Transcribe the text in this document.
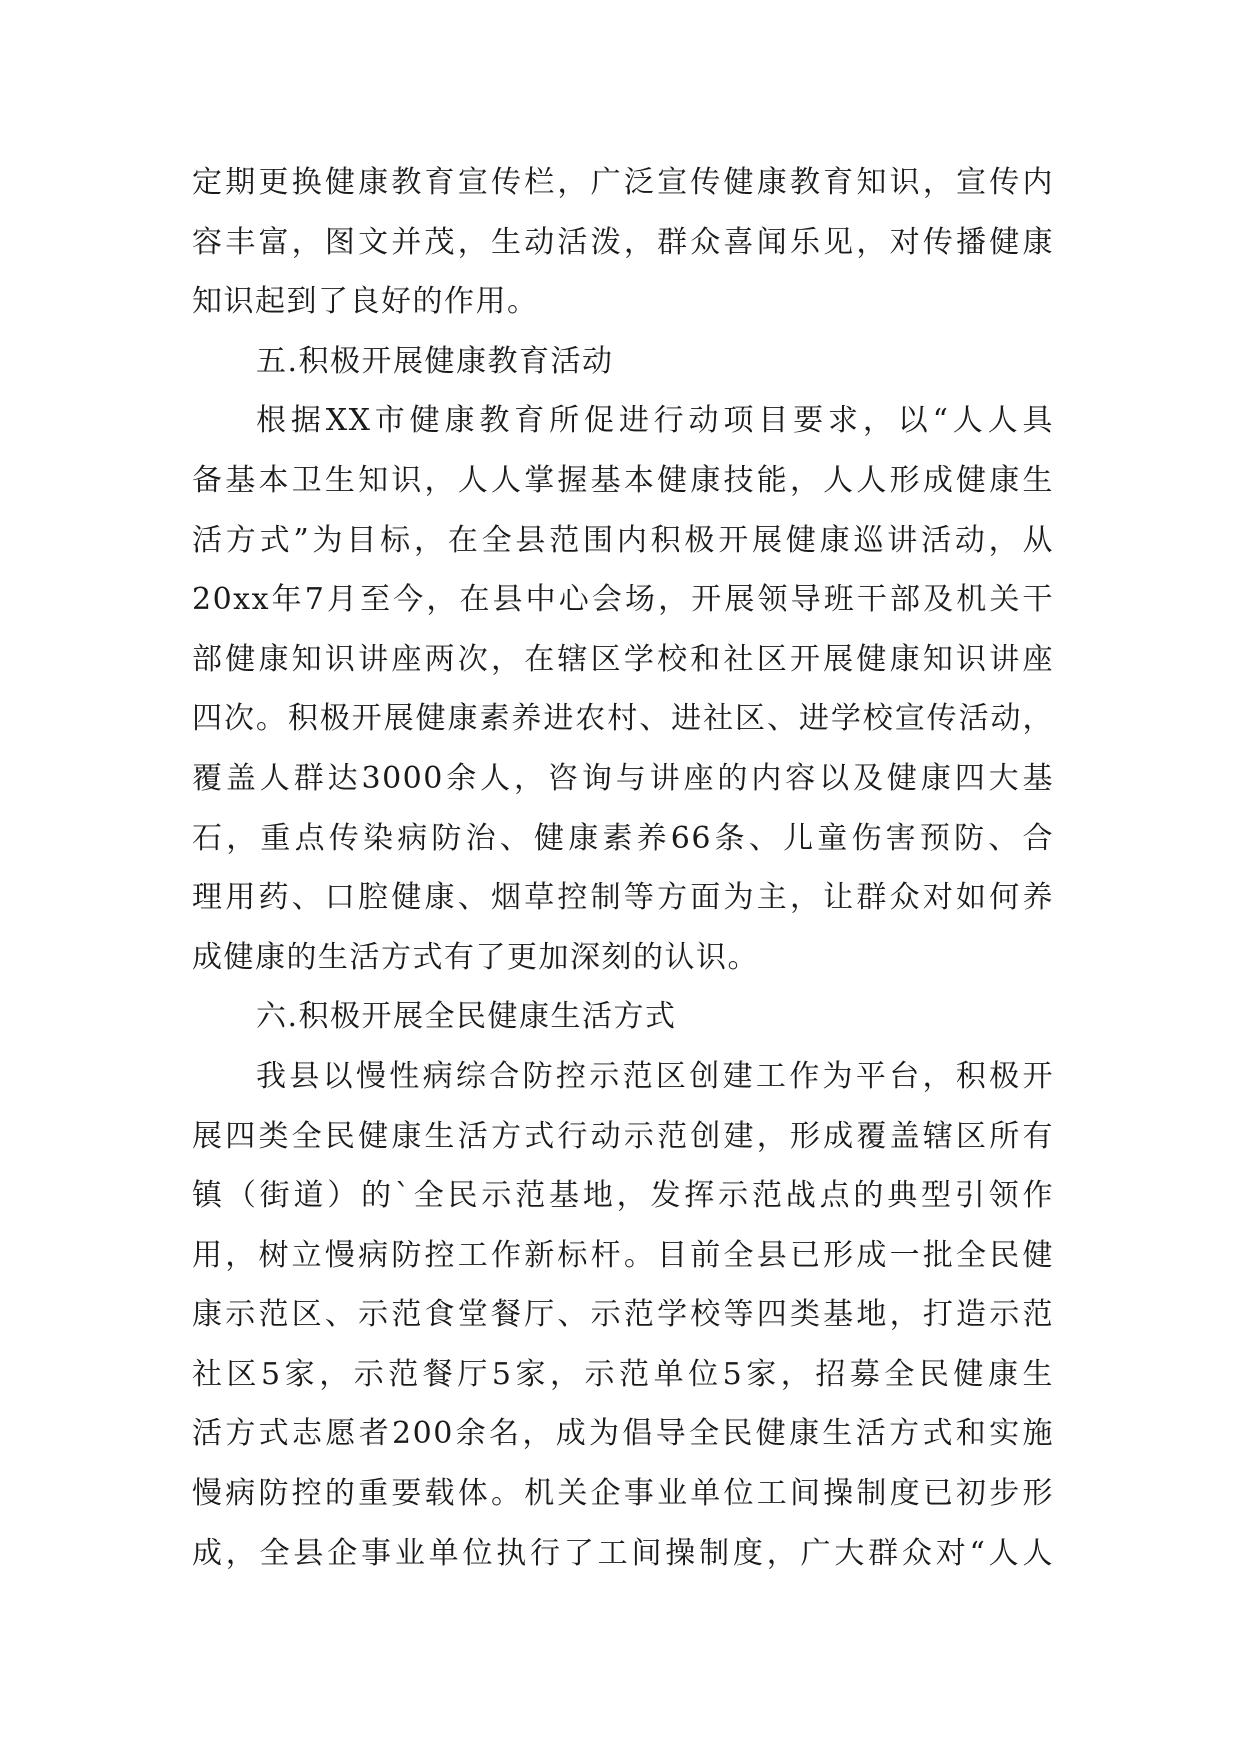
定期更换健康教育宣传栏，广泛宣传健康教育知识，宣传内
容丰富，图文并茂，生动活泼，群众喜闻乐见，对传播健康
知识起到了良好的作用。
五.积极开展健康教育活动
根据XX市健康教育所促进行动项目要求，以“人人具
备基本卫生知识，人人掌握基本健康技能，人人形成健康生
活方式”为目标，在全县范围内积极开展健康巡讲活动，从
20xx年7月至今，在县中心会场，开展领导班干部及机关干
部健康知识讲座两次，在辖区学校和社区开展健康知识讲座
四次。积极开展健康素养进农村、进社区、进学校宣传活动，
覆盖人群达3000余人，咨询与讲座的内容以及健康四大基
石，重点传染病防治、健康素养66条、儿童伤害预防、合
理用药、口腔健康、烟草控制等方面为主，让群众对如何养
成健康的生活方式有了更加深刻的认识。
六.积极开展全民健康生活方式
我县以慢性病综合防控示范区创建工作为平台，积极开
展四类全民健康生活方式行动示范创建，形成覆盖辖区所有
镇（街道）的`全民示范基地，发挥示范战点的典型引领作
用，树立慢病防控工作新标杆。目前全县已形成一批全民健
康示范区、示范食堂餐厅、示范学校等四类基地，打造示范
社区5家，示范餐厅5家，示范单位5家，招募全民健康生
活方式志愿者200余名，成为倡导全民健康生活方式和实施
慢病防控的重要载体。机关企事业单位工间操制度已初步形
成，全县企事业单位执行了工间操制度，广大群众对“人人
